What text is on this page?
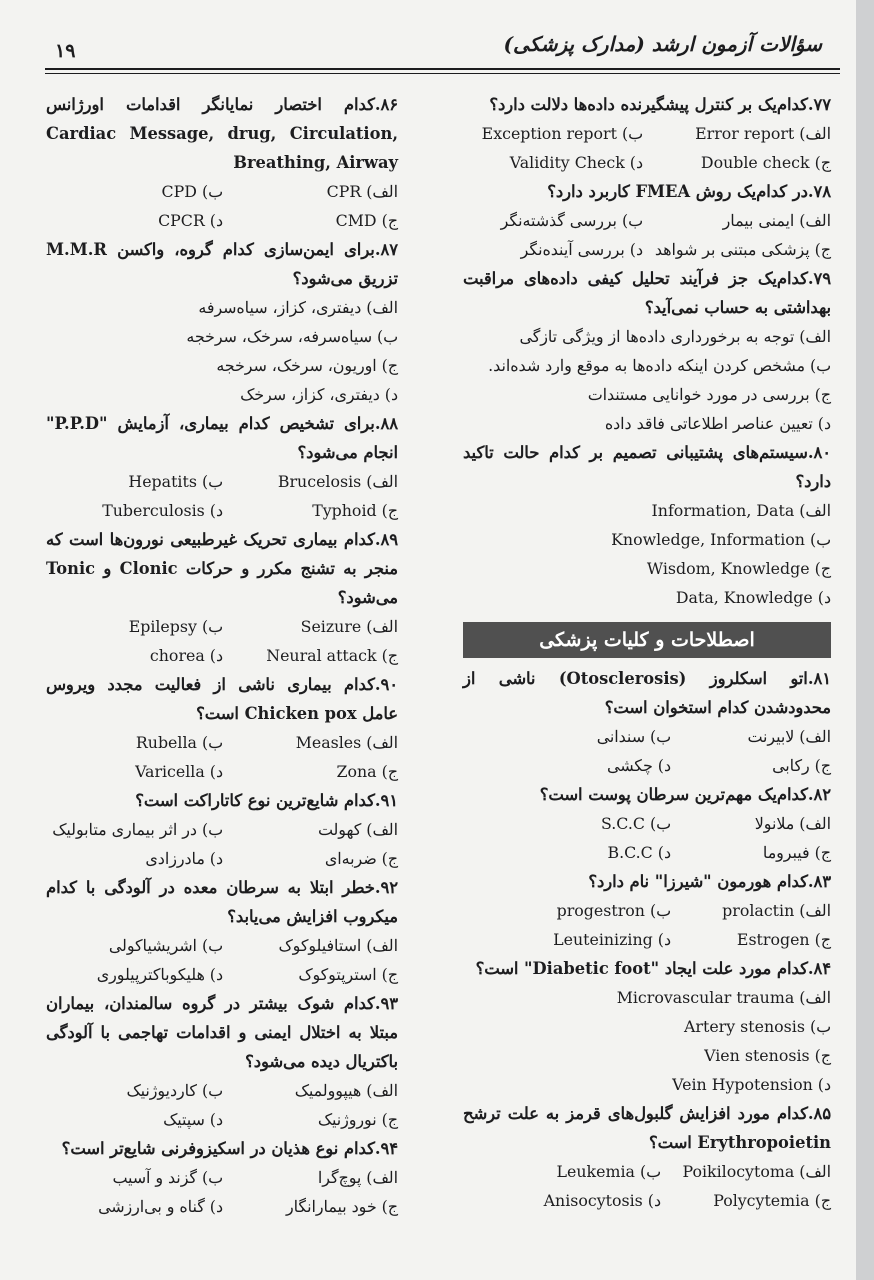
سؤالات آزمون ارشد (مدارک پزشکی)
۱۹
۷۷.کدام‌یک بر کنترل پیشگیرنده داده‌ها دلالت دارد؟
الف) Error report
ب) Exception report
ج) Double check
د) Validity Check
۷۸.در کدام‌یک روش FMEA کاربرد دارد؟
الف) ایمنی بیمار
ب) بررسی گذشته‌نگر
ج) پزشکی مبتنی بر شواهد
د) بررسی آینده‌نگر
۷۹.کدام‌یک جز فرآیند تحلیل کیفی داده‌های مراقبت بهداشتی به حساب نمی‌آید؟
الف) توجه به برخورداری داده‌ها از ویژگی تازگی
ب) مشخص کردن اینکه داده‌ها به موقع وارد شده‌اند.
ج) بررسی در مورد خوانایی مستندات
د) تعیین عناصر اطلاعاتی فاقد داده
۸۰.سیستم‌های پشتیبانی تصمیم بر کدام حالت تاکید دارد؟
الف) Information, Data
ب) Knowledge, Information
ج) Wisdom, Knowledge
د) Data, Knowledge
اصطلاحات و کلیات پزشکی
۸۱.اتو اسکلروز (Otosclerosis) ناشی از محدودشدن کدام استخوان است؟
الف) لابیرنت
ب) سندانی
ج) رکابی
د) چکشی
۸۲.کدام‌یک مهم‌ترین سرطان پوست است؟
الف) ملانولا
ب) S.C.C
ج) فیبروما
د) B.C.C
۸۳.کدام هورمون "شیرزا" نام دارد؟
الف) prolactin
ب) progestron
ج) Estrogen
د) Leuteinizing
۸۴.کدام مورد علت ایجاد "Diabetic foot" است؟
الف) Microvascular trauma
ب) Artery stenosis
ج) Vien stenosis
د) Vein Hypotension
۸۵.کدام مورد افزایش گلبول‌های قرمز به علت ترشح Erythropoietin است؟
الف) Poikilocytoma
ب) Leukemia
ج) Polycytemia
د) Anisocytosis
۸۶.کدام اختصار نمایانگر اقدامات اورژانس Cardiac Message, drug, Circulation, Breathing, Airway
الف) CPR
ب) CPD
ج) CMD
د) CPCR
۸۷.برای ایمن‌سازی کدام گروه، واکسن M.M.R تزریق می‌شود؟
الف) دیفتری، کزاز، سیاه‌سرفه
ب) سیاه‌سرفه، سرخک، سرخجه
ج) اوریون، سرخک، سرخجه
د) دیفتری، کزاز، سرخک
۸۸.برای تشخیص کدام بیماری، آزمایش "P.P.D" انجام می‌شود؟
الف) Brucelosis
ب) Hepatits
ج) Typhoid
د) Tuberculosis
۸۹.کدام بیماری تحریک غیرطبیعی نورون‌ها است که منجر به تشنج مکرر و حرکات Clonic و Tonic می‌شود؟
الف) Seizure
ب) Epilepsy
ج) Neural attack
د) chorea
۹۰.کدام بیماری ناشی از فعالیت مجدد ویروس عامل Chicken pox است؟
الف) Measles
ب) Rubella
ج) Zona
د) Varicella
۹۱.کدام شایع‌ترین نوع کاتاراکت است؟
الف) کهولت
ب) در اثر بیماری متابولیک
ج) ضربه‌ای
د) مادرزادی
۹۲.خطر ابتلا به سرطان معده در آلودگی با کدام میکروب افزایش می‌یابد؟
الف) استافیلوکوک
ب) اشریشیاکولی
ج) استرپتوکوک
د) هلیکوباکترپیلوری
۹۳.کدام شوک بیشتر در گروه سالمندان، بیماران مبتلا به اختلال ایمنی و اقدامات تهاجمی با آلودگی باکتریال دیده می‌شود؟
الف) هیپوولمیک
ب) کاردیوژنیک
ج) نوروژنیک
د) سپتیک
۹۴.کدام نوع هذیان در اسکیزوفرنی شایع‌تر است؟
الف) پوچ‌گرا
ب) گزند و آسیب
ج) خود بیمارانگار
د) گناه و بی‌ارزشی
